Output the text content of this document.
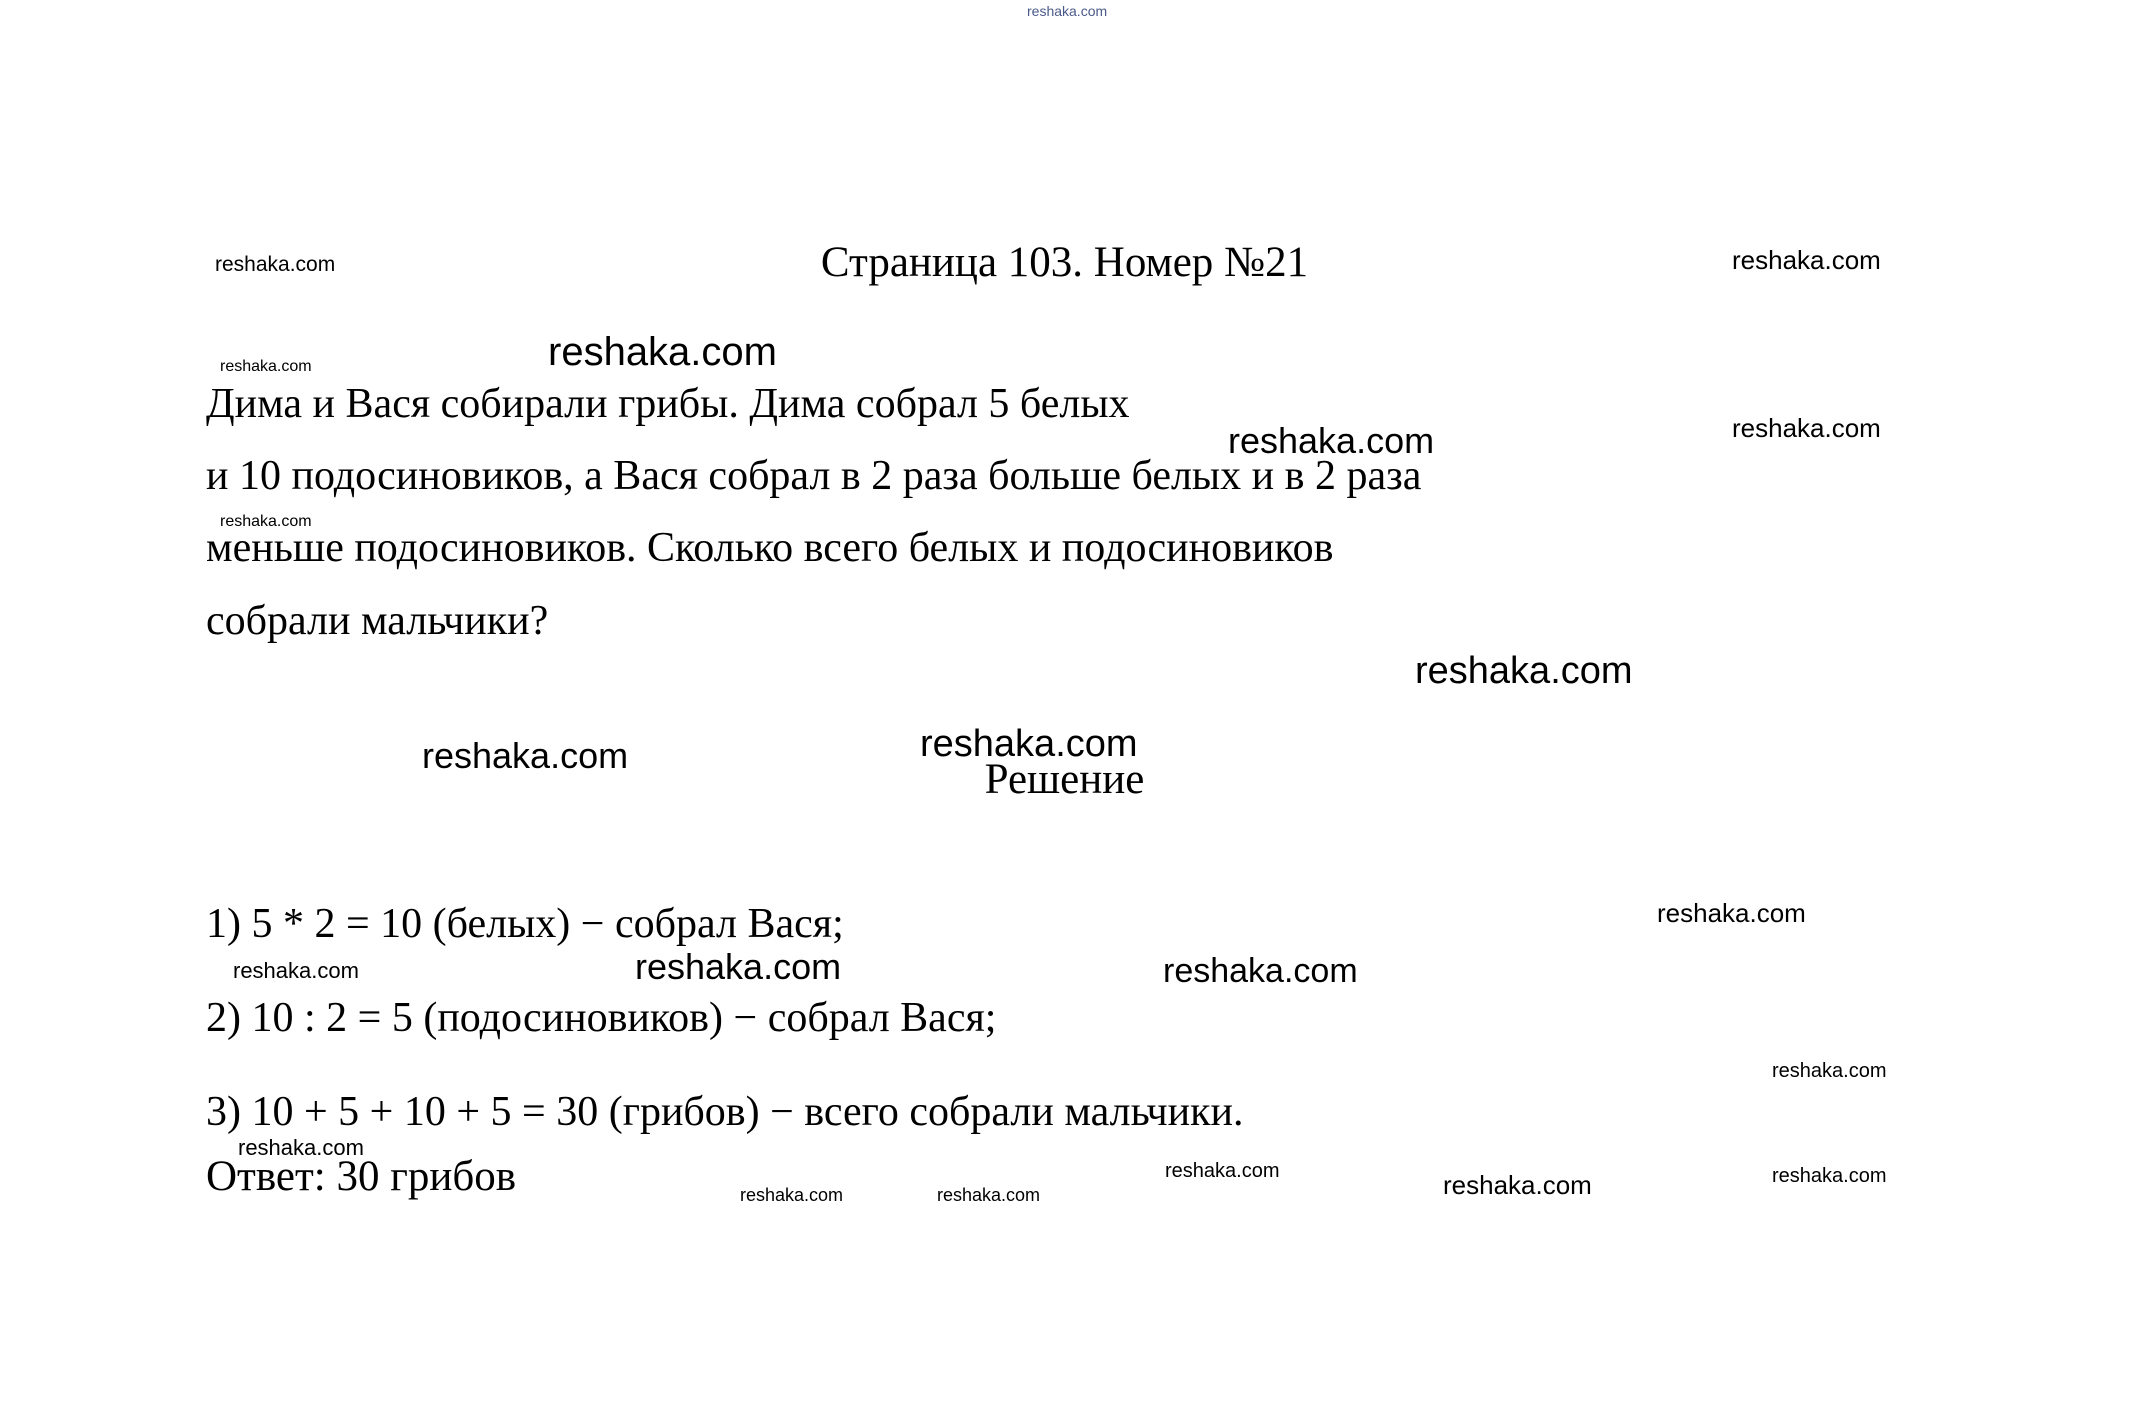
Страница 103. Номер №21
Дима и Вася собирали грибы. Дима собрал 5 белых
и 10 подосиновиков, а Вася собрал в 2 раза больше белых и в 2 раза
меньше подосиновиков. Сколько всего белых и подосиновиков
собрали мальчики?
Решение
1) 5 * 2 = 10 (белых) − собрал Вася;
2) 10 : 2 = 5 (подосиновиков) − собрал Вася;
3) 10 + 5 + 10 + 5 = 30 (грибов) − всего собрали мальчики.
Ответ: 30 грибов
reshaka.com
reshaka.com	reshaka.com
reshaka.com
reshaka.com
reshaka.com	reshaka.com
reshaka.com
reshaka.com
reshaka.com	reshaka.com
reshaka.com
reshaka.com	reshaka.com	reshaka.com
reshaka.com
reshaka.com
reshaka.com	reshaka.com
reshaka.com	reshaka.com	reshaka.com
